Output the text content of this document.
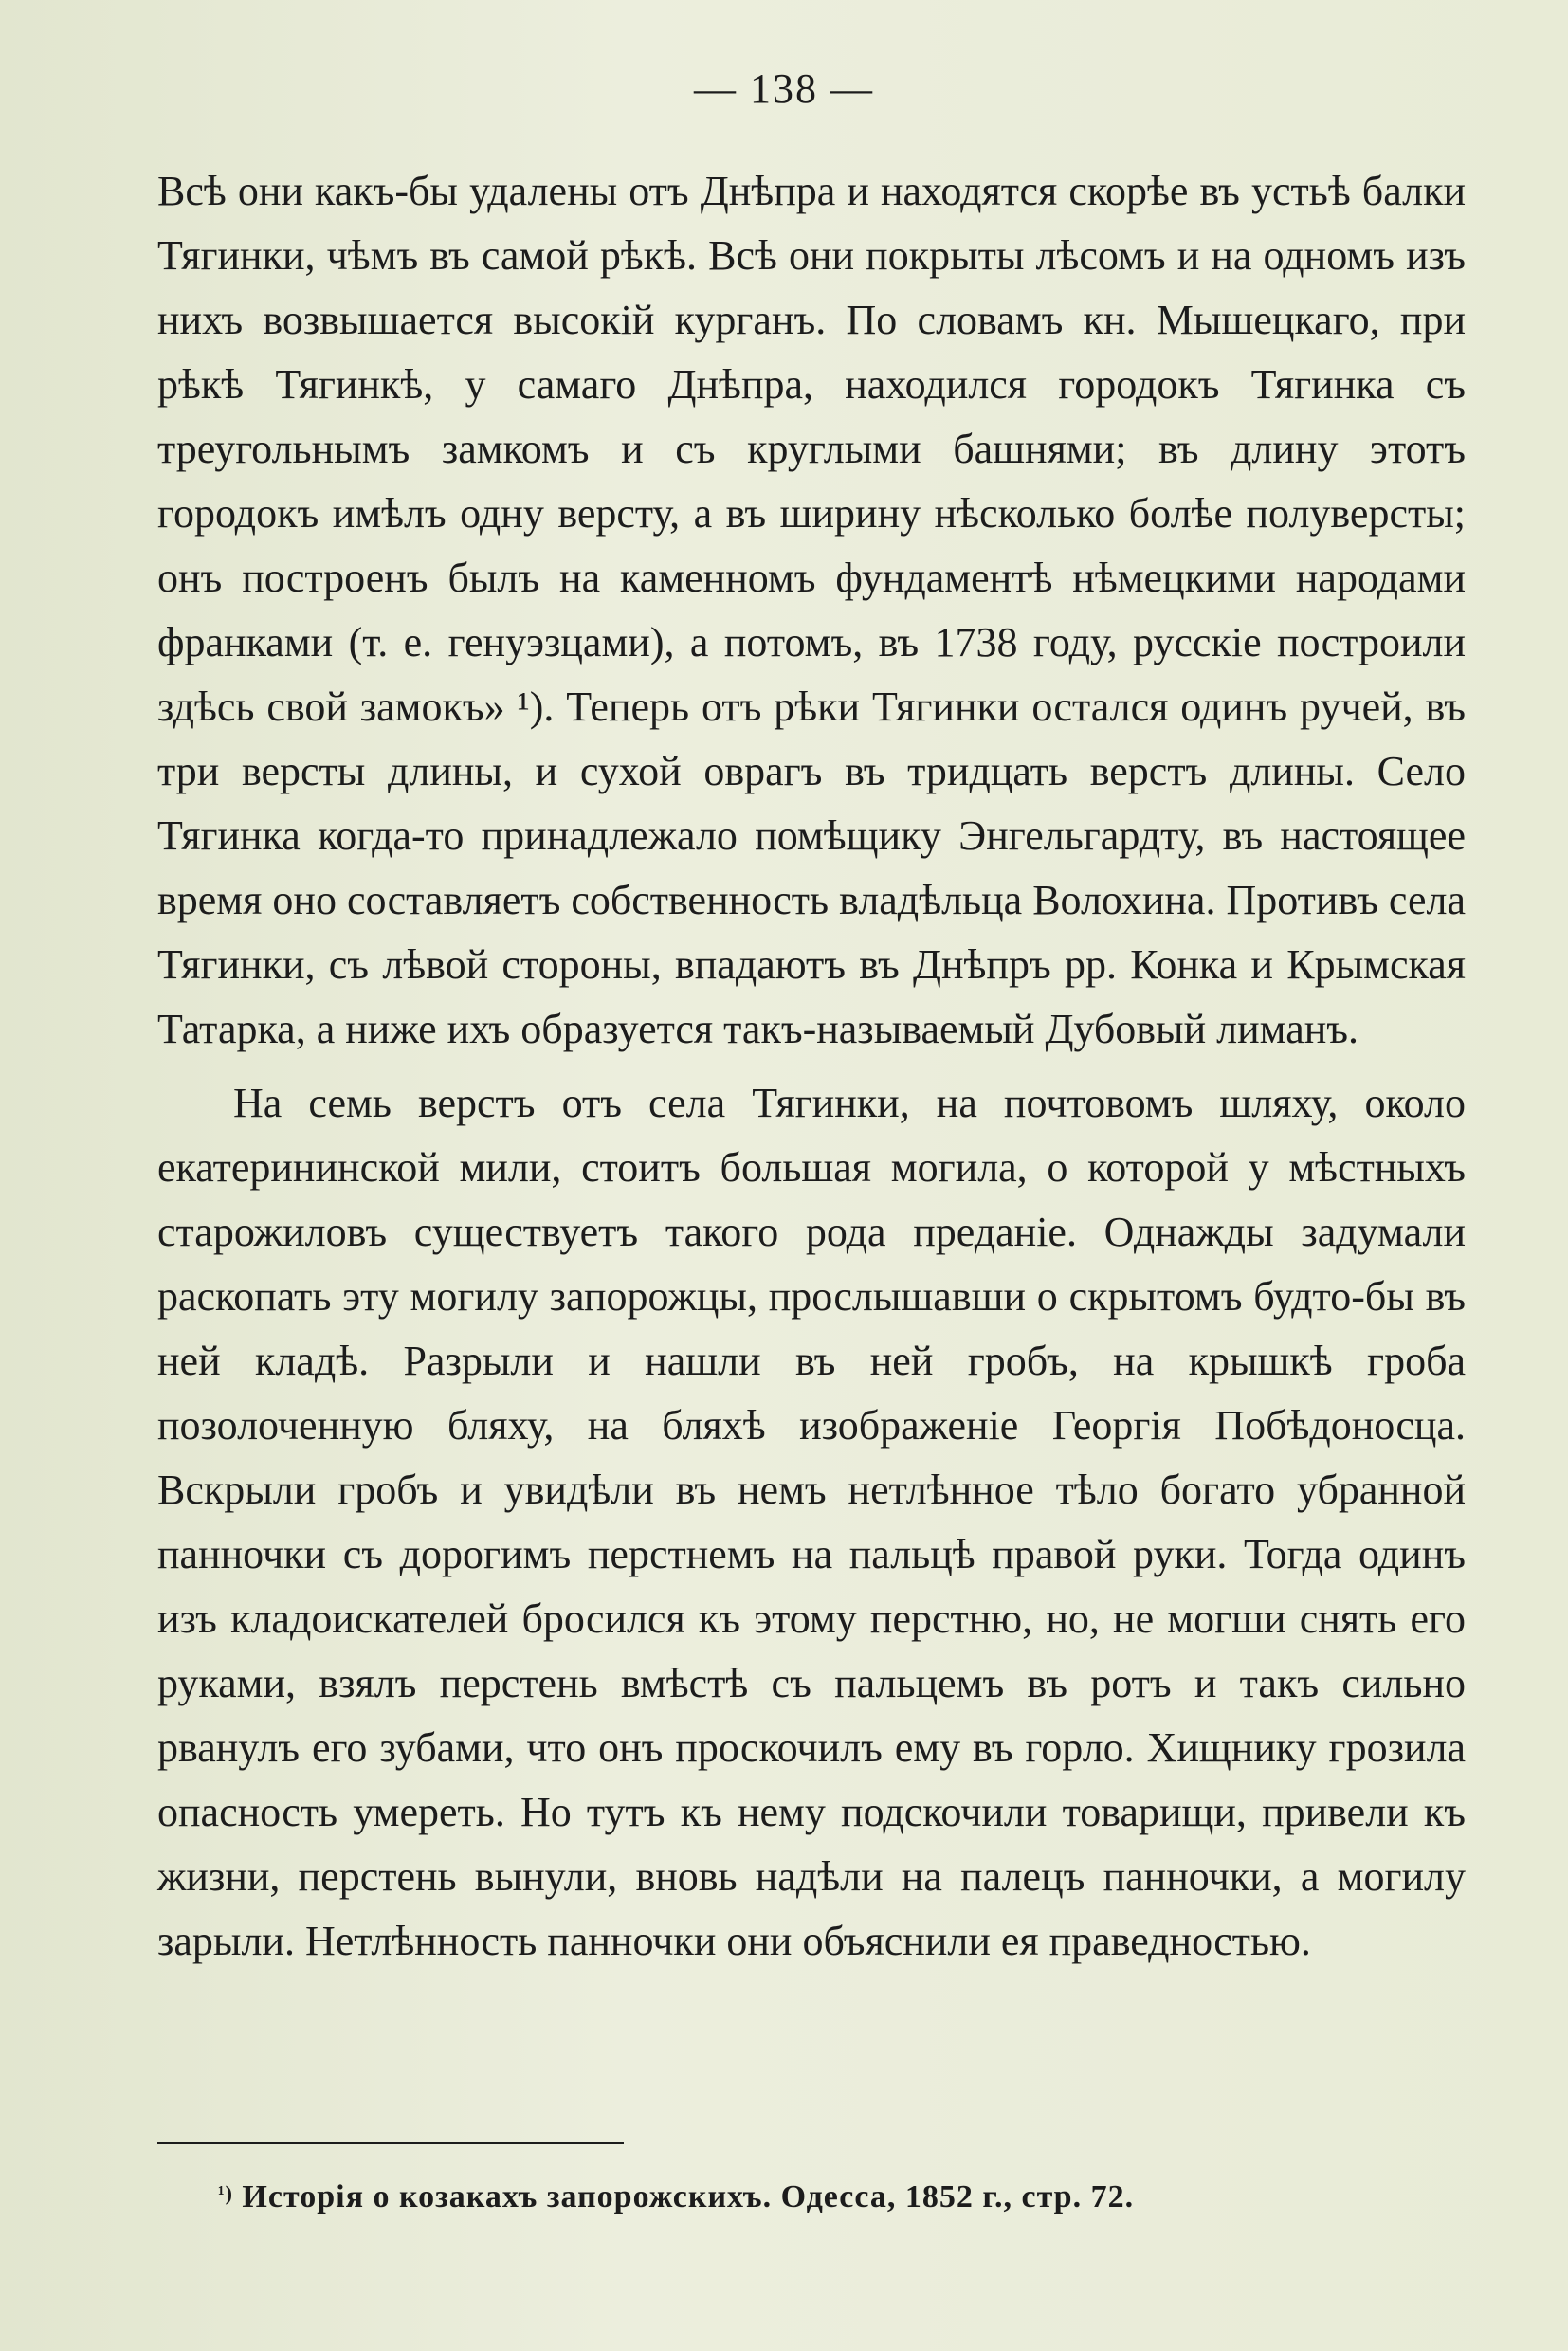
— 138 —

Всѣ они какъ-бы удалены отъ Днѣпра и находятся скорѣе въ устьѣ балки Тягинки, чѣмъ въ самой рѣкѣ. Всѣ они покрыты лѣсомъ и на одномъ изъ нихъ возвышается высокій курганъ. По словамъ кн. Мышецкаго, при рѣкѣ Тягинкѣ, у самаго Днѣпра, находился городокъ Тягинка съ треугольнымъ замкомъ и съ круглыми башнями; въ длину этотъ городокъ имѣлъ одну версту, а въ ширину нѣсколько болѣе полуверсты; онъ построенъ былъ на каменномъ фундаментѣ нѣмецкими народами франками (т. е. генуэзцами), а потомъ, въ 1738 году, русскіе построили здѣсь свой замокъ» ¹). Теперь отъ рѣки Тягинки остался одинъ ручей, въ три версты длины, и сухой оврагъ въ тридцать верстъ длины. Село Тягинка когда-то принадлежало помѣщику Энгельгардту, въ настоящее время оно составляетъ собственность владѣльца Волохина. Противъ села Тягинки, съ лѣвой стороны, впадаютъ въ Днѣпръ рр. Конка и Крымская Татарка, а ниже ихъ образуется такъ-называемый Дубовый лиманъ.

На семь верстъ отъ села Тягинки, на почтовомъ шляху, около екатерининской мили, стоитъ большая могила, о которой у мѣстныхъ старожиловъ существуетъ такого рода преданіе. Однажды задумали раскопать эту могилу запорожцы, прослышавши о скрытомъ будто-бы въ ней кладѣ. Разрыли и нашли въ ней гробъ, на крышкѣ гроба позолоченную бляху, на бляхѣ изображеніе Георгія Побѣдоносца. Вскрыли гробъ и увидѣли въ немъ нетлѣнное тѣло богато убранной панночки съ дорогимъ перстнемъ на пальцѣ правой руки. Тогда одинъ изъ кладоискателей бросился къ этому перстню, но, не могши снять его руками, взялъ перстень вмѣстѣ съ пальцемъ въ ротъ и такъ сильно рванулъ его зубами, что онъ проскочилъ ему въ горло. Хищнику грозила опасность умереть. Но тутъ къ нему подскочили товарищи, привели къ жизни, перстень вынули, вновь надѣли на палецъ панночки, а могилу зарыли. Нетлѣнность панночки они объяснили ея праведностью.

$^{^1)}$ Исторія о козакахъ запорожскихъ. Одесса, 1852 г., стр. 72.
